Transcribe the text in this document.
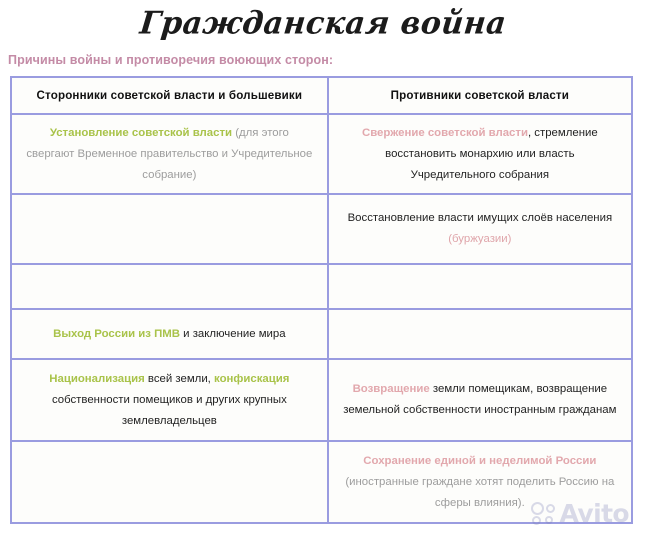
Гражданская война
Причины войны и противоречия воюющих сторон:
Сторонники советской власти и большевики	Противники советской власти

Установление советской власти (для этого свергают Временное правительство и Учредительное собрание)

Свержение советской власти, стремление восстановить монархию или власть Учредительного собрания

Восстановление власти имущих слоёв населения
(буржуазии)

Выход России из ПМВ и заключение мира

Национализация всей земли, конфискация собственности помещиков и других крупных землевладельцев

Возвращение земли помещикам, возвращение земельной собственности иностранным гражданам

Сохранение единой и неделимой России (иностранные граждане хотят поделить Россию на сферы влияния).	Avito
